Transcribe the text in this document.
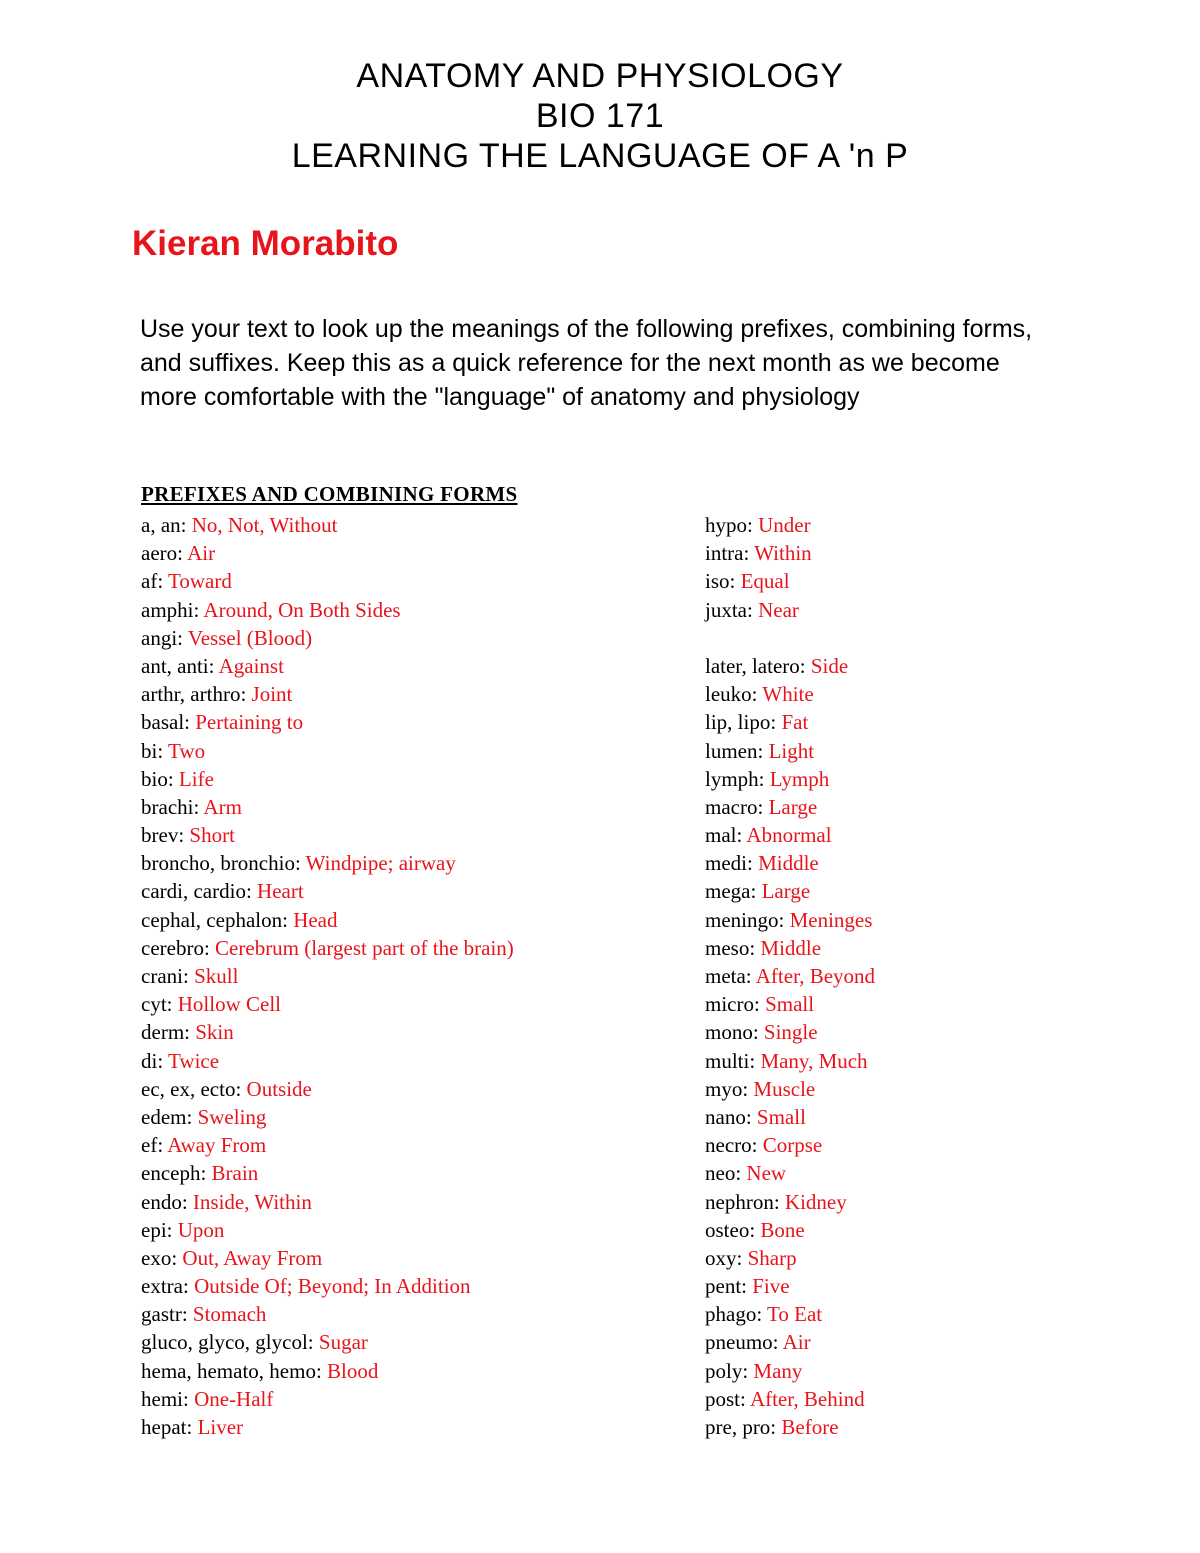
ANATOMY AND PHYSIOLOGY
BIO 171
LEARNING THE LANGUAGE OF A 'n P
Kieran Morabito
Use your text to look up the meanings of the following prefixes, combining forms, and suffixes. Keep this as a quick reference for the next month as we become more comfortable with the "language" of anatomy and physiology
PREFIXES AND COMBINING FORMS
a, an: No, Not, Without
aero: Air
af: Toward
amphi: Around, On Both Sides
angi: Vessel (Blood)
ant, anti: Against
arthr, arthro: Joint
basal: Pertaining to
bi: Two
bio: Life
brachi: Arm
brev: Short
broncho, bronchio: Windpipe; airway
cardi, cardio: Heart
cephal, cephalon: Head
cerebro: Cerebrum (largest part of the brain)
crani: Skull
cyt: Hollow Cell
derm: Skin
di: Twice
ec, ex, ecto: Outside
edem: Sweling
ef: Away From
enceph: Brain
endo: Inside, Within
epi: Upon
exo: Out, Away From
extra: Outside Of; Beyond; In Addition
gastr: Stomach
gluco, glyco, glycol: Sugar
hema, hemato, hemo: Blood
hemi: One-Half
hepat: Liver
hypo: Under
intra: Within
iso: Equal
juxta: Near
later, latero: Side
leuko: White
lip, lipo: Fat
lumen: Light
lymph: Lymph
macro: Large
mal: Abnormal
medi: Middle
mega: Large
meningo: Meninges
meso: Middle
meta: After, Beyond
micro: Small
mono: Single
multi: Many, Much
myo: Muscle
nano: Small
necro: Corpse
neo: New
nephron: Kidney
osteo: Bone
oxy: Sharp
pent: Five
phago: To Eat
pneumo: Air
poly: Many
post: After, Behind
pre, pro: Before
